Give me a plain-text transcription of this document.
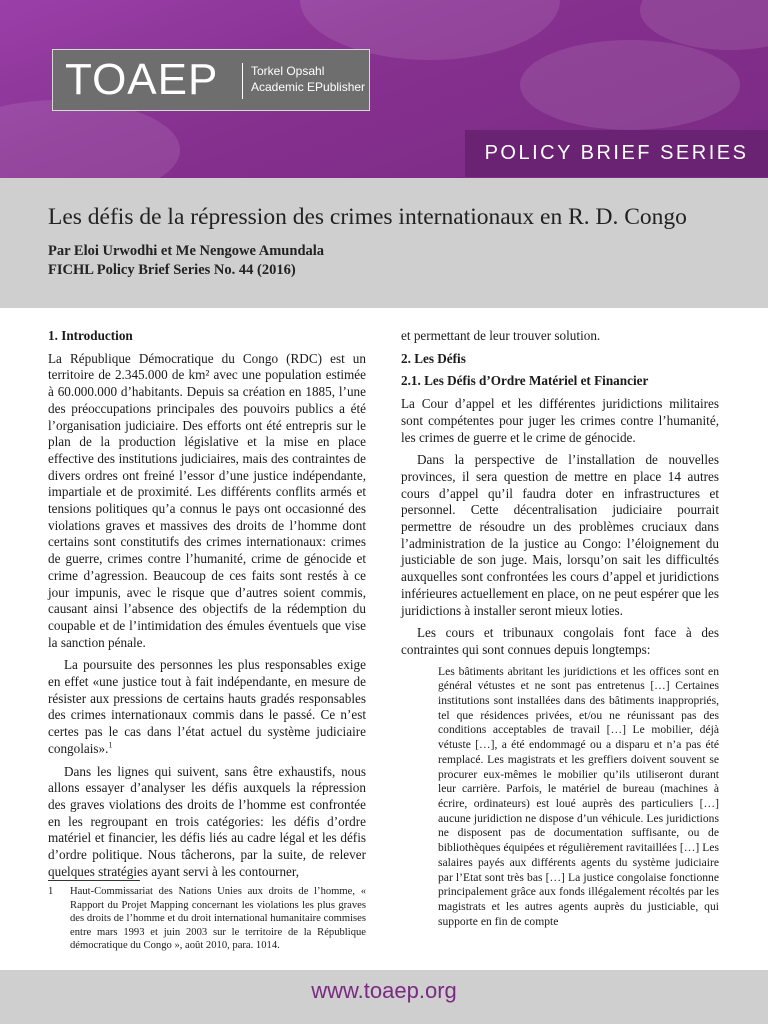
TOAEP	Torkel Opsahl
Academic EPublisher
POLICY BRIEF SERIES
Les défis de la répression des crimes internationaux en R. D. Congo
Par Eloi Urwodhi et Me Nengowe Amundala
FICHL Policy Brief Series No. 44 (2016)
1. Introduction

La République Démocratique du Congo (RDC) est un territoire de 2.345.000 de km² avec une population estimée à 60.000.000 d’habitants. Depuis sa création en 1885, l’une des préoccupations principales des pouvoirs publics a été l’organisation judiciaire. Des efforts ont été entrepris sur le plan de la production législative et la mise en place effective des institutions judiciaires, mais des contraintes de divers ordres ont freiné l’essor d’une justice indépendante, impartiale et de proximité. Les différents conflits armés et tensions politiques qu’a connus le pays ont occasionné des violations graves et massives des droits de l’homme dont certains sont constitutifs des crimes internationaux: crimes de guerre, crimes contre l’humanité, crime de génocide et crime d’agression. Beaucoup de ces faits sont restés à ce jour impunis, avec le risque que d’autres soient commis, causant ainsi l’absence des objectifs de la rédemption du coupable et de l’intimidation des émules éventuels que vise la sanction pénale.

La poursuite des personnes les plus responsables exige en effet «une justice tout à fait indépendante, en mesure de résister aux pressions de certains hauts gradés responsables des crimes internationaux commis dans le passé. Ce n’est certes pas le cas dans l’état actuel du système judiciaire congolais».$^1$

Dans les lignes qui suivent, sans être exhaustifs, nous allons essayer d’analyser les défis auxquels la répression des graves violations des droits de l’homme est confrontée en les regroupant en trois catégories: les défis d’ordre matériel et financier, les défis liés au cadre légal et les défis d’ordre politique. Nous tâcherons, par la suite, de relever quelques stratégies ayant servi à les contourner,

1 Haut-Commissariat des Nations Unies aux droits de l’homme, « Rapport du Projet Mapping concernant les violations les plus graves des droits de l’homme et du droit international humanitaire commises entre mars 1993 et juin 2003 sur le territoire de la République démocratique du Congo », août 2010, para. 1014.

et permettant de leur trouver solution.

2. Les Défis
2.1. Les Défis d’Ordre Matériel et Financier

La Cour d’appel et les différentes juridictions militaires sont compétentes pour juger les crimes contre l’humanité, les crimes de guerre et le crime de génocide.

Dans la perspective de l’installation de nouvelles provinces, il sera question de mettre en place 14 autres cours d’appel qu’il faudra doter en infrastructures et personnel. Cette décentralisation judiciaire pourrait permettre de résoudre un des problèmes cruciaux dans l’administration de la justice au Congo: l’éloignement du justiciable de son juge. Mais, lorsqu’on sait les difficultés auxquelles sont confrontées les cours d’appel et juridictions inférieures actuellement en place, on ne peut espérer que les juridictions à installer seront mieux loties.

Les cours et tribunaux congolais font face à des contraintes qui sont connues depuis longtemps:

Les bâtiments abritant les juridictions et les offices sont en général vétustes et ne sont pas entretenus […] Certaines institutions sont installées dans des bâtiments inappropriés, tel que résidences privées, et/ou ne réunissant pas des conditions acceptables de travail […] Le mobilier, déjà vétuste […], a été endommagé ou a disparu et n’a pas été remplacé. Les magistrats et les greffiers doivent souvent se procurer eux-mêmes le mobilier qu’ils utiliseront durant leur carrière. Parfois, le matériel de bureau (machines à écrire, ordinateurs) est loué auprès des particuliers […] aucune juridiction ne dispose d’un véhicule. Les juridictions ne disposent pas de documentation suffisante, ou de bibliothèques équipées et régulièrement ravitaillées […] Les salaires payés aux différents agents du système judiciaire par l’Etat sont très bas […] La justice congolaise fonctionne principalement grâce aux fonds illégalement récoltés par les magistrats et les autres agents auprès du justiciable, qui supporte en fin de compte
www.toaep.org
